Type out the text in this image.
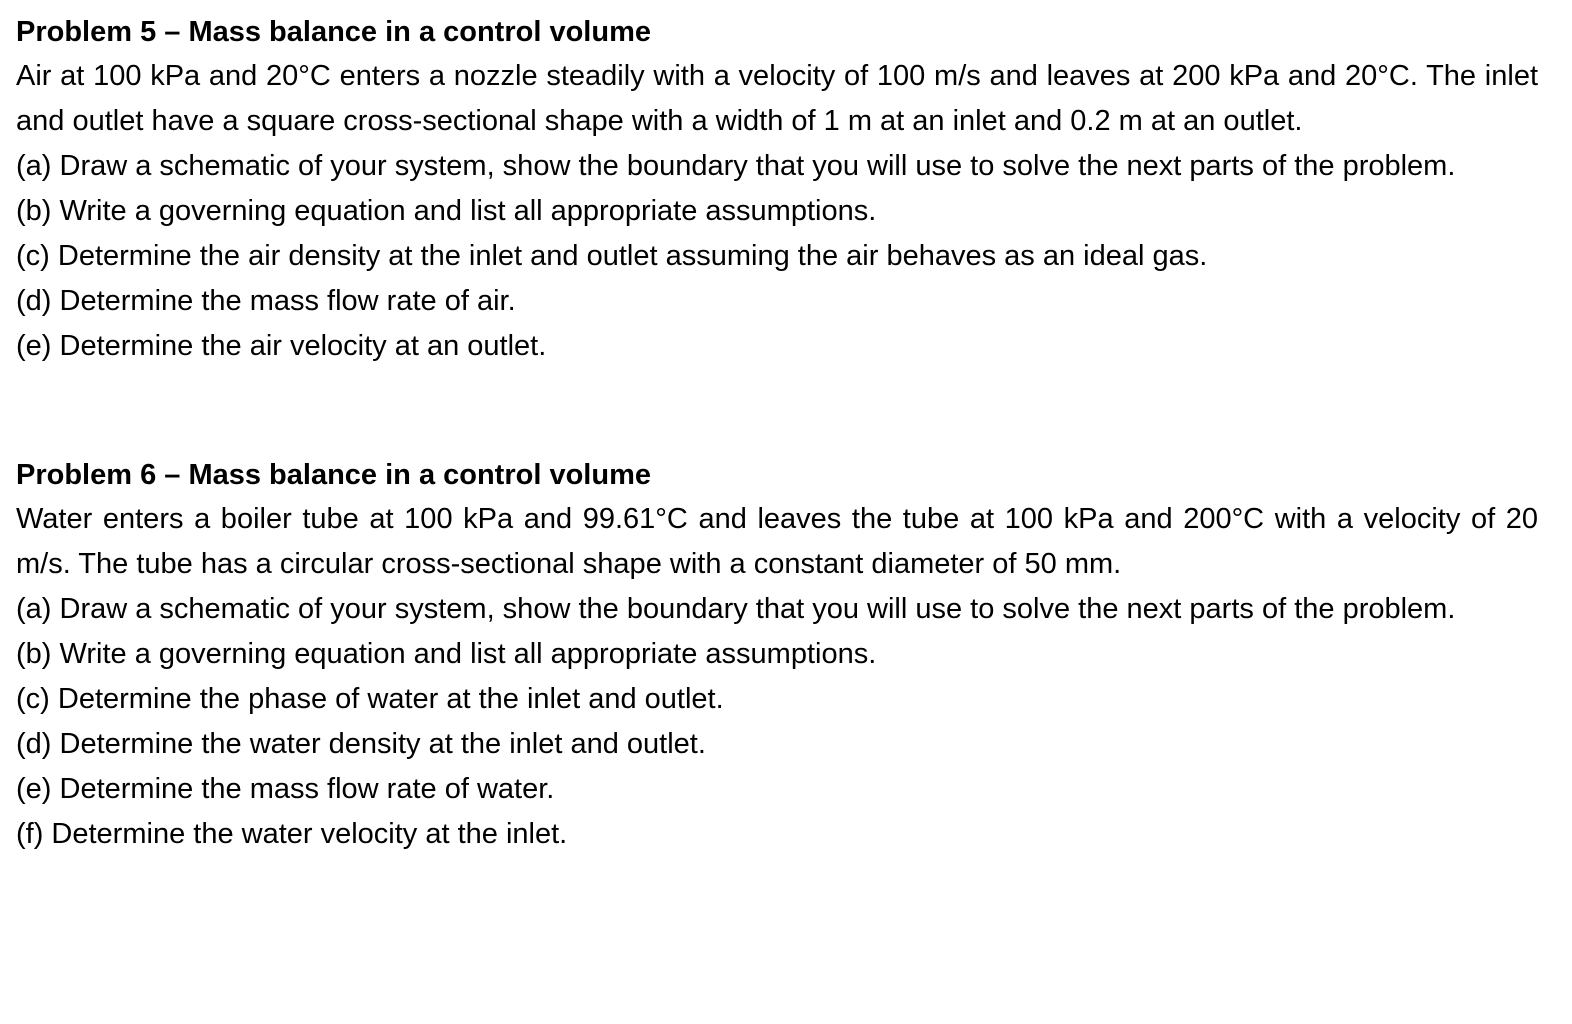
Problem 5 – Mass balance in a control volume

Air at 100 kPa and 20°C enters a nozzle steadily with a velocity of 100 m/s and leaves at 200 kPa and 20°C. The inlet and outlet have a square cross-sectional shape with a width of 1 m at an inlet and 0.2 m at an outlet.

(a) Draw a schematic of your system, show the boundary that you will use to solve the next parts of the problem.

(b) Write a governing equation and list all appropriate assumptions.

(c) Determine the air density at the inlet and outlet assuming the air behaves as an ideal gas.

(d) Determine the mass flow rate of air.

(e) Determine the air velocity at an outlet.

Problem 6 – Mass balance in a control volume

Water enters a boiler tube at 100 kPa and 99.61°C and leaves the tube at 100 kPa and 200°C with a velocity of 20 m/s. The tube has a circular cross-sectional shape with a constant diameter of 50 mm.

(a) Draw a schematic of your system, show the boundary that you will use to solve the next parts of the problem.

(b) Write a governing equation and list all appropriate assumptions.

(c) Determine the phase of water at the inlet and outlet.

(d) Determine the water density at the inlet and outlet.

(e) Determine the mass flow rate of water.

(f) Determine the water velocity at the inlet.
